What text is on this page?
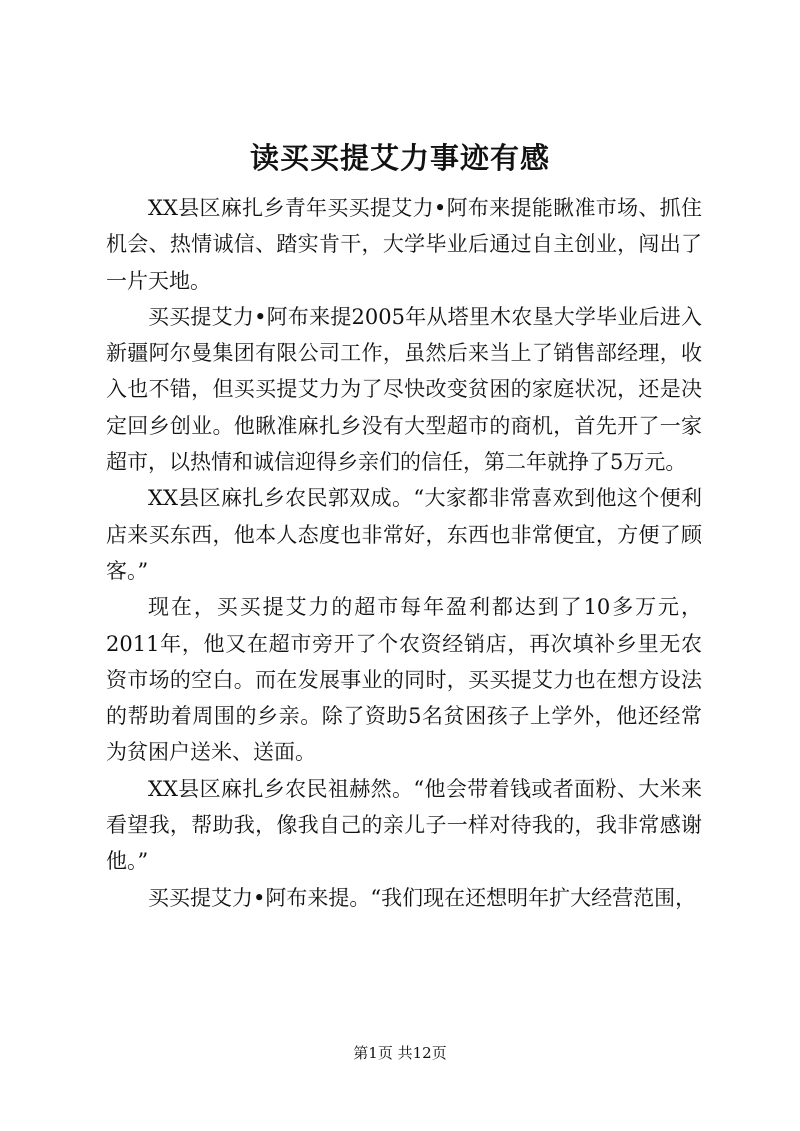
读买买提艾力事迹有感

XX县区麻扎乡青年买买提艾力•阿布来提能瞅准市场、抓住机会、热情诚信、踏实肯干，大学毕业后通过自主创业，闯出了一片天地。

买买提艾力•阿布来提2005年从塔里木农垦大学毕业后进入新疆阿尔曼集团有限公司工作，虽然后来当上了销售部经理，收入也不错，但买买提艾力为了尽快改变贫困的家庭状况，还是决定回乡创业。他瞅准麻扎乡没有大型超市的商机，首先开了一家超市，以热情和诚信迎得乡亲们的信任，第二年就挣了5万元。

XX县区麻扎乡农民郭双成。“大家都非常喜欢到他这个便利店来买东西，他本人态度也非常好，东西也非常便宜，方便了顾客。”

现在，买买提艾力的超市每年盈利都达到了10多万元，2011年，他又在超市旁开了个农资经销店，再次填补乡里无农资市场的空白。而在发展事业的同时，买买提艾力也在想方设法的帮助着周围的乡亲。除了资助5名贫困孩子上学外，他还经常为贫困户送米、送面。

XX县区麻扎乡农民祖赫然。“他会带着钱或者面粉、大米来看望我，帮助我，像我自己的亲儿子一样对待我的，我非常感谢他。”

买买提艾力•阿布来提。“我们现在还想明年扩大经营范围，

第1页 共12页
